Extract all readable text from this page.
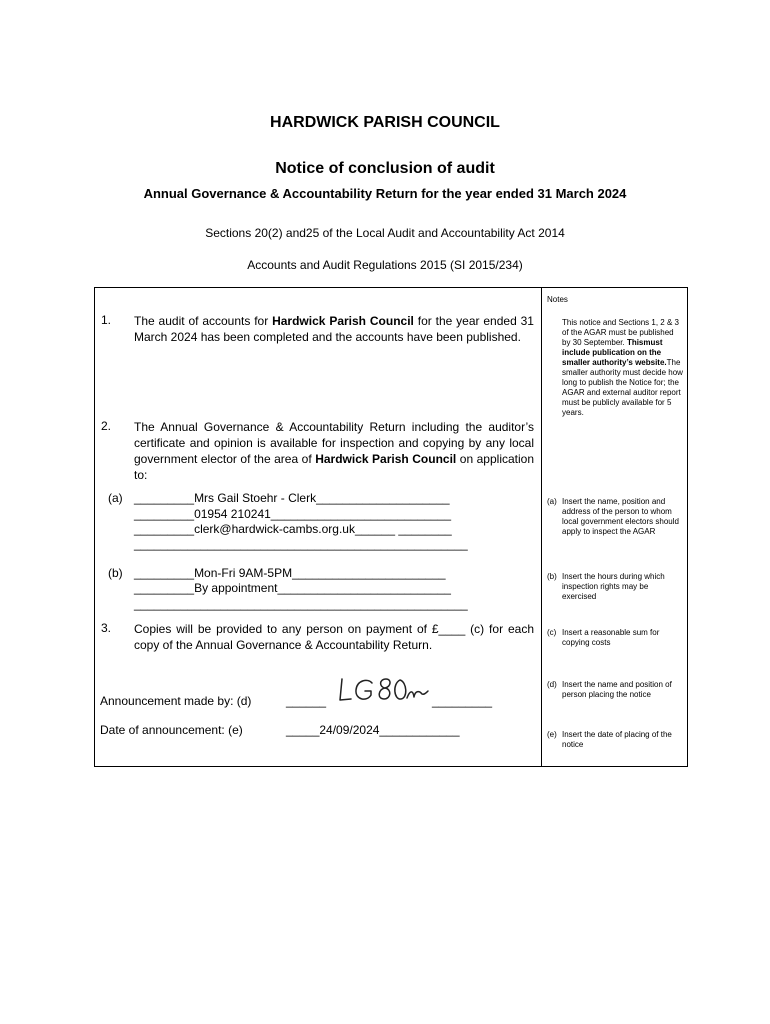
HARDWICK PARISH COUNCIL
Notice of conclusion of audit
Annual Governance & Accountability Return for the year ended 31 March 2024
Sections 20(2) and25 of the Local Audit and Accountability Act 2014
Accounts and Audit Regulations 2015 (SI 2015/234)
1. The audit of accounts for Hardwick Parish Council for the year ended 31 March 2024 has been completed and the accounts have been published.
2. The Annual Governance & Accountability Return including the auditor’s certificate and opinion is available for inspection and copying by any local government elector of the area of Hardwick Parish Council on application to:
(a) _________Mrs Gail Stoehr - Clerk____________________
_________01954 210241___________________________
_________clerk@hardwick-cambs.org.uk______ ________
__________________________________________________
(b) _________Mon-Fri 9AM-5PM_______________________
_________By appointment__________________________
__________________________________________________
3. Copies will be provided to any person on payment of £____ (c) for each copy of the Annual Governance & Accountability Return.
Announcement made by: (d)	______	_________
Date of announcement: (e)	_____24/09/2024____________
Notes
This notice and Sections 1, 2 & 3 of the AGAR must be published by 30 September. Thismust include publication on the smaller authority’s website.The smaller authority must decide how long to publish the Notice for; the AGAR and external auditor report must be publicly available for 5 years.
(a) Insert the name, position and address of the person to whom local government electors should apply to inspect the AGAR
(b) Insert the hours during which inspection rights may be exercised
(c) Insert a reasonable sum for copying costs
(d) Insert the name and position of person placing the notice
(e) Insert the date of placing of the notice
